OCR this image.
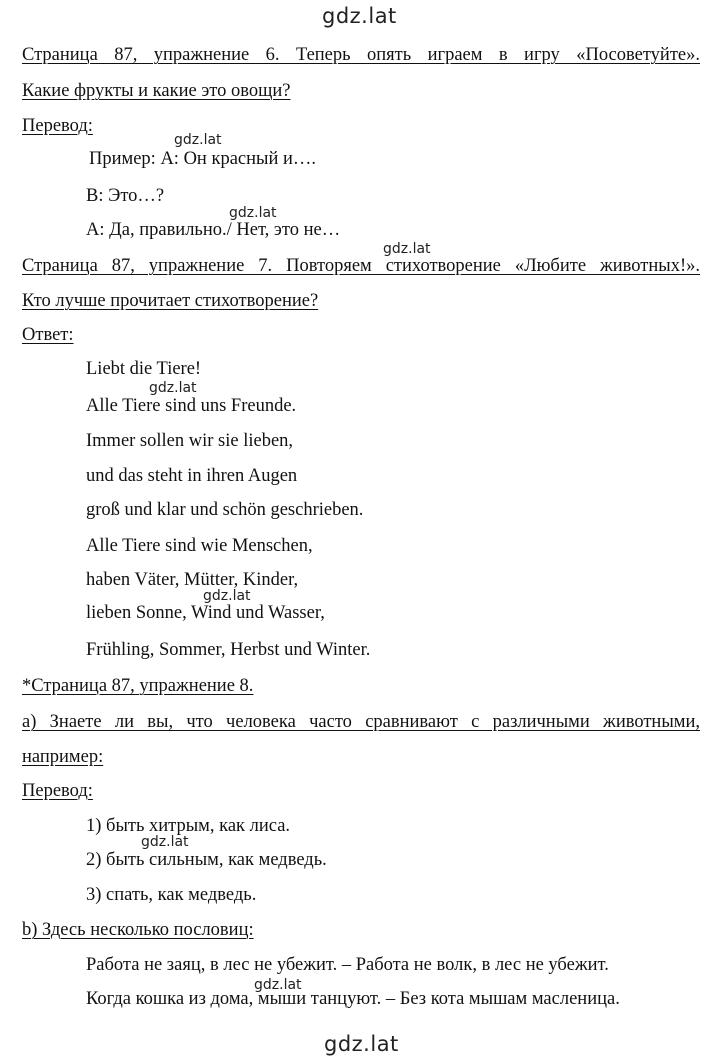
gdz.lat
gdz.lat
gdz.lat
gdz.lat
gdz.lat
gdz.lat
gdz.lat
gdz.lat
gdz.lat
Страница 87, упражнение 6. Теперь опять играем в игру «Посоветуйте».
Какие фрукты и какие это овощи?
Перевод:
Пример: А: Он красный и….
В: Это…?
А: Да, правильно./ Нет, это не…
Страница 87, упражнение 7. Повторяем стихотворение «Любите животных!».
Кто лучше прочитает стихотворение?
Ответ:
Liebt die Tiere!
Alle Tiere sind uns Freunde.
Immer sollen wir sie lieben,
und das steht in ihren Augen
groß und klar und schön geschrieben.
Alle Tiere sind wie Menschen,
haben Väter, Mütter, Kinder,
lieben Sonne, Wind und Wasser,
Frühling, Sommer, Herbst und Winter.
*Страница 87, упражнение 8.
а) Знаете ли вы, что человека часто сравнивают с различными животными,
например:
Перевод:
1) быть хитрым, как лиса.
2) быть сильным, как медведь.
3) спать, как медведь.
b) Здесь несколько пословиц:
Работа не заяц, в лес не убежит. – Работа не волк, в лес не убежит.
Когда кошка из дома, мыши танцуют. – Без кота мышам масленица.
